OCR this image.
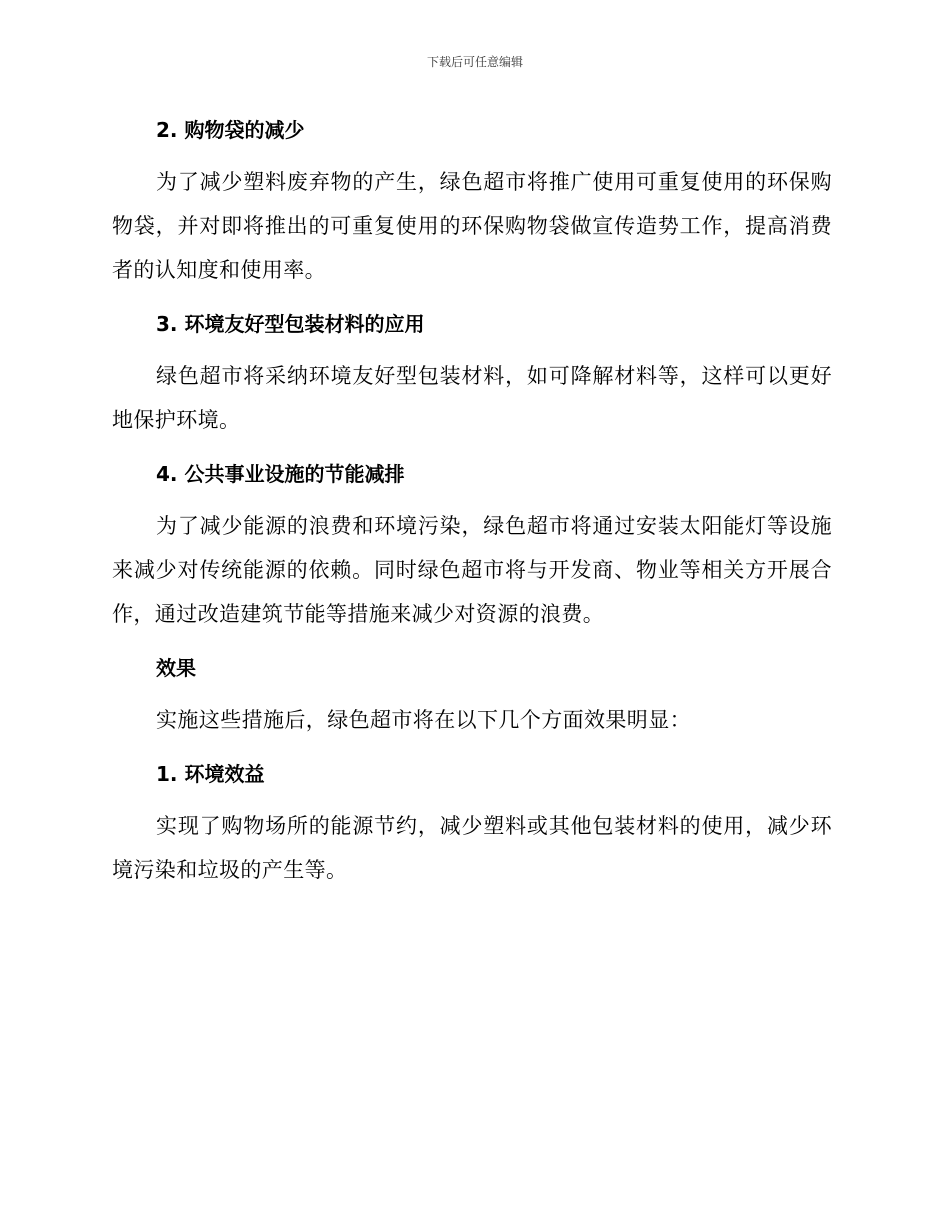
下载后可任意编辑
2. 购物袋的减少

为了减少塑料废弃物的产生，绿色超市将推广使用可重复使用的环保购物袋，并对即将推出的可重复使用的环保购物袋做宣传造势工作，提高消费者的认知度和使用率。

3. 环境友好型包装材料的应用

绿色超市将采纳环境友好型包装材料，如可降解材料等，这样可以更好地保护环境。

4. 公共事业设施的节能减排

为了减少能源的浪费和环境污染，绿色超市将通过安装太阳能灯等设施来减少对传统能源的依赖。同时绿色超市将与开发商、物业等相关方开展合作，通过改造建筑节能等措施来减少对资源的浪费。

效果

实施这些措施后，绿色超市将在以下几个方面效果明显：

1. 环境效益

实现了购物场所的能源节约，减少塑料或其他包装材料的使用，减少环境污染和垃圾的产生等。
